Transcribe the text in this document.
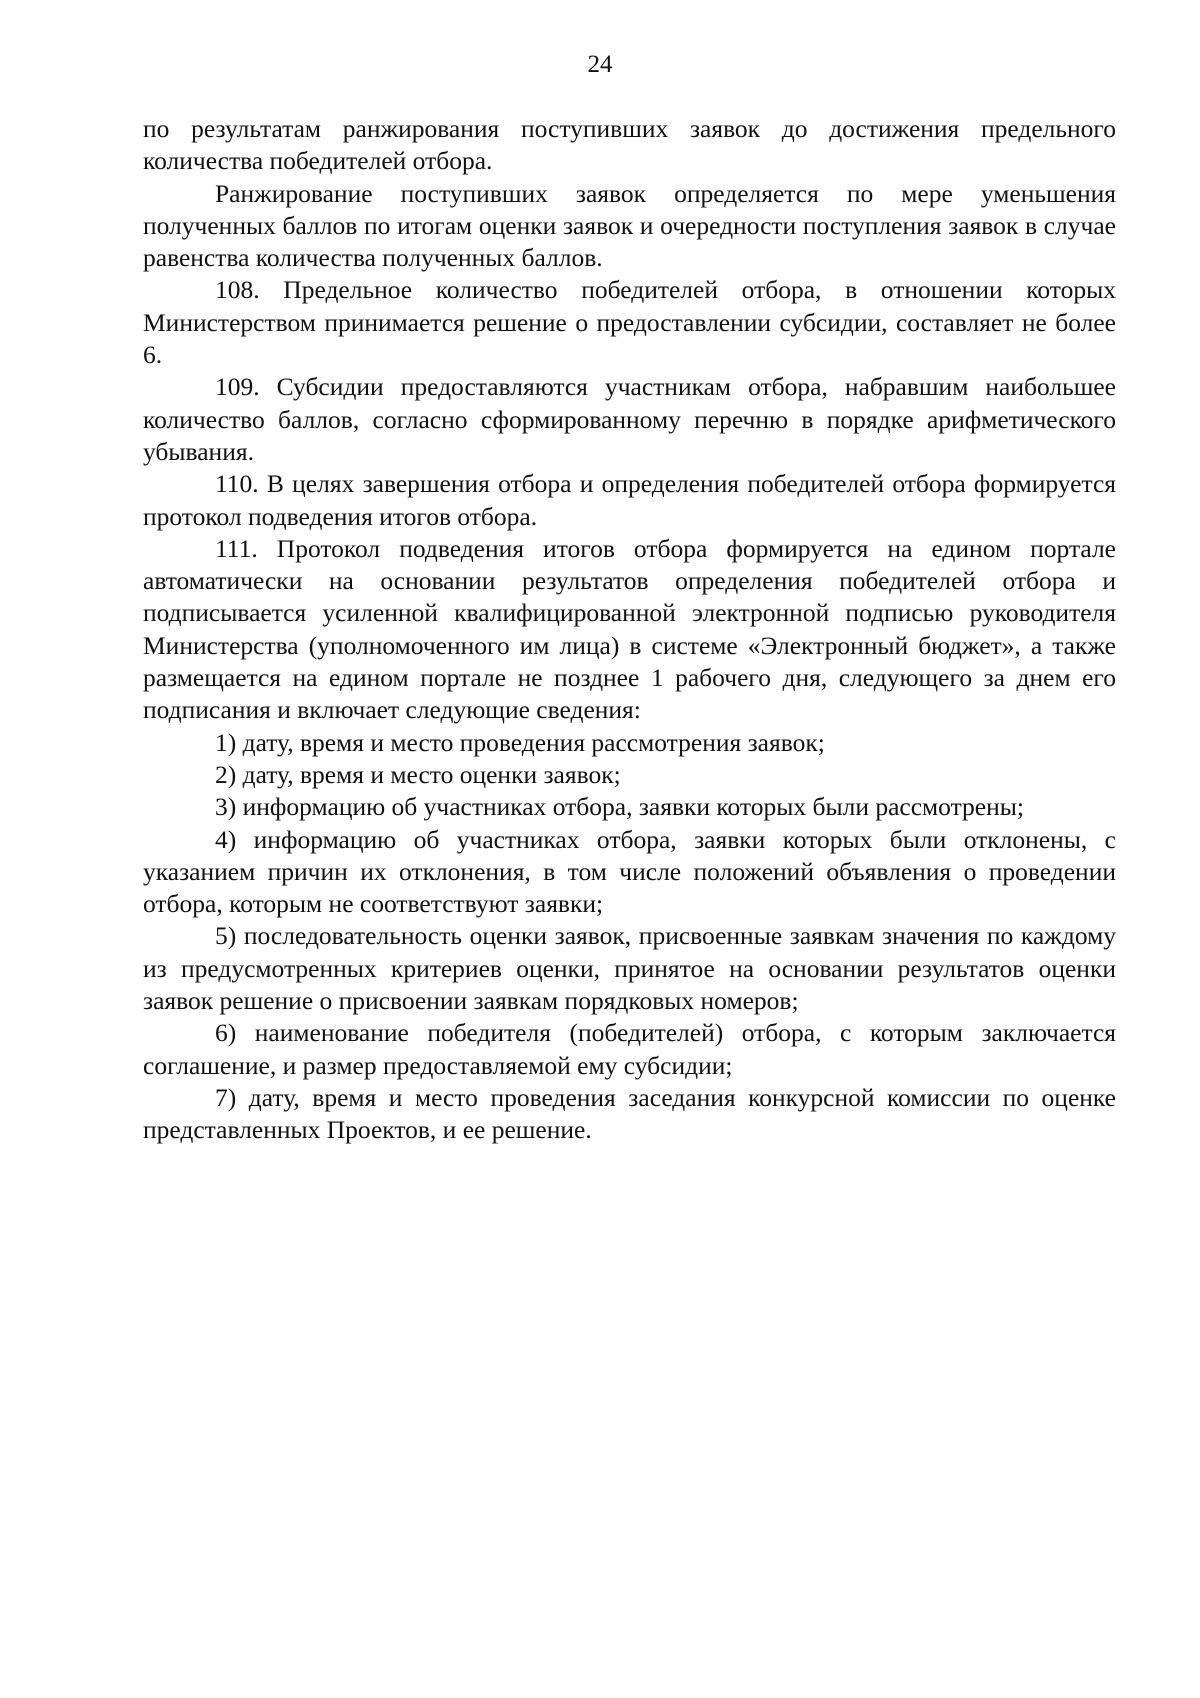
24

по результатам ранжирования поступивших заявок до достижения предельного количества победителей отбора.

Ранжирование поступивших заявок определяется по мере уменьшения полученных баллов по итогам оценки заявок и очередности поступления заявок в случае равенства количества полученных баллов.

108. Предельное количество победителей отбора, в отношении которых Министерством принимается решение о предоставлении субсидии, составляет не более 6.

109. Субсидии предоставляются участникам отбора, набравшим наибольшее количество баллов, согласно сформированному перечню в порядке арифметического убывания.

110. В целях завершения отбора и определения победителей отбора формируется протокол подведения итогов отбора.

111. Протокол подведения итогов отбора формируется на едином портале автоматически на основании результатов определения победителей отбора и подписывается усиленной квалифицированной электронной подписью руководителя Министерства (уполномоченного им лица) в системе «Электронный бюджет», а также размещается на едином портале не позднее 1 рабочего дня, следующего за днем его подписания и включает следующие сведения:

1) дату, время и место проведения рассмотрения заявок;

2) дату, время и место оценки заявок;

3) информацию об участниках отбора, заявки которых были рассмотрены;

4) информацию об участниках отбора, заявки которых были отклонены, с указанием причин их отклонения, в том числе положений объявления о проведении отбора, которым не соответствуют заявки;

5) последовательность оценки заявок, присвоенные заявкам значения по каждому из предусмотренных критериев оценки, принятое на основании результатов оценки заявок решение о присвоении заявкам порядковых номеров;

6) наименование победителя (победителей) отбора, с которым заключается соглашение, и размер предоставляемой ему субсидии;

7) дату, время и место проведения заседания конкурсной комиссии по оценке представленных Проектов, и ее решение.
